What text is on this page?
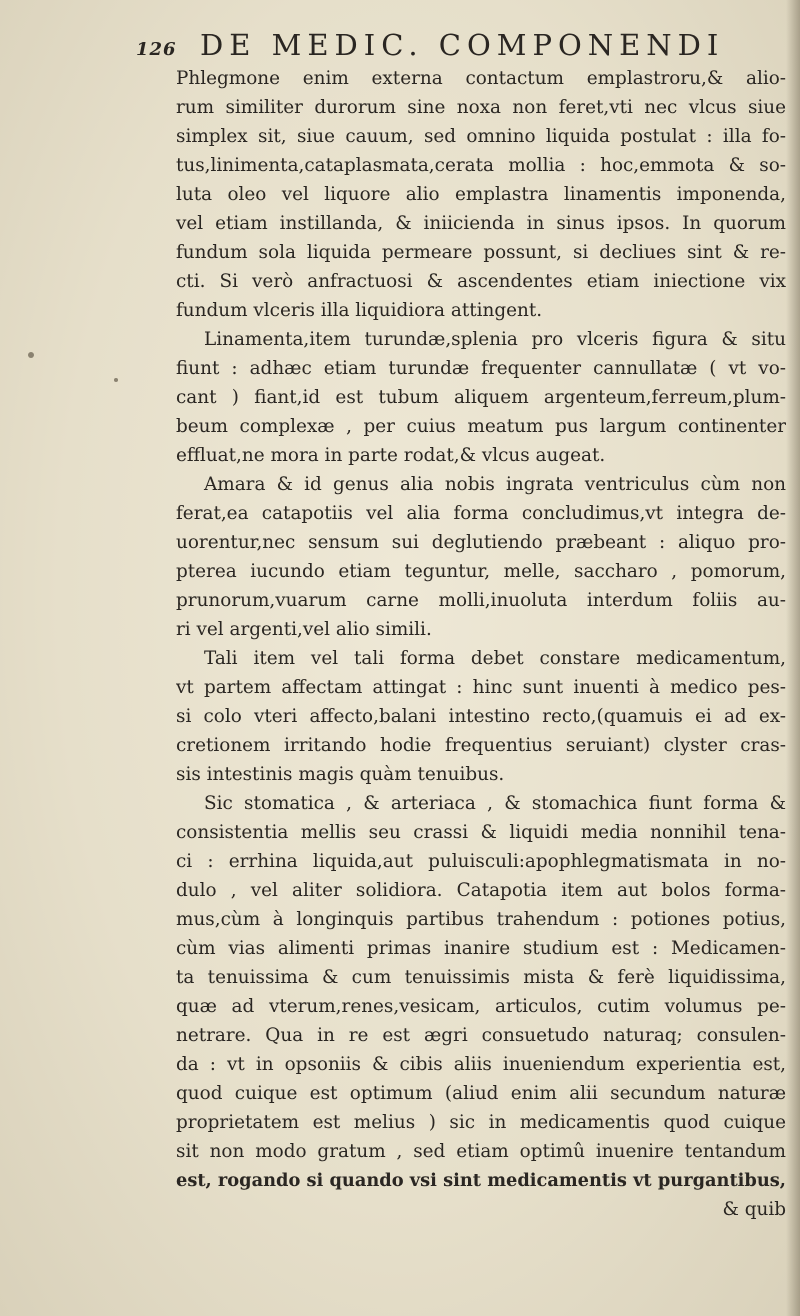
126 DE MEDIC. COMPONENDI
Phlegmone enim externa contactum emplastroru,& alio-
rum similiter durorum sine noxa non feret,vti nec vlcus siue
simplex sit, siue cauum, sed omnino liquida postulat : illa fo-
tus,linimenta,cataplasmata,cerata mollia : hoc,emmota & so-
luta oleo vel liquore alio emplastra linamentis imponenda,
vel etiam instillanda, & iniicienda in sinus ipsos. In quorum
fundum sola liquida permeare possunt, si decliues sint & re-
cti. Si verò anfractuosi & ascendentes etiam iniectione vix
fundum vlceris illa liquidiora attingent.
Linamenta,item turundæ,splenia pro vlceris figura & situ
fiunt : adhæc etiam turundæ frequenter cannullatæ ( vt vo-
cant ) fiant,id est tubum aliquem argenteum,ferreum,plum-
beum complexæ , per cuius meatum pus largum continenter
effluat,ne mora in parte rodat,& vlcus augeat.
Amara & id genus alia nobis ingrata ventriculus cùm non
ferat,ea catapotiis vel alia forma concludimus,vt integra de-
uorentur,nec sensum sui deglutiendo præbeant : aliquo pro-
pterea iucundo etiam teguntur, melle, saccharo , pomorum,
prunorum,vuarum carne molli,inuoluta interdum foliis au-
ri vel argenti,vel alio simili.
Tali item vel tali forma debet constare medicamentum,
vt partem affectam attingat : hinc sunt inuenti à medico pes-
si colo vteri affecto,balani intestino recto,(quamuis ei ad ex-
cretionem irritando hodie frequentius seruiant) clyster cras-
sis intestinis magis quàm tenuibus.
Sic stomatica , & arteriaca , & stomachica fiunt forma &
consistentia mellis seu crassi & liquidi media nonnihil tena-
ci : errhina liquida,aut puluisculi:apophlegmatismata in no-
dulo , vel aliter solidiora. Catapotia item aut bolos forma-
mus,cùm à longinquis partibus trahendum : potiones potius,
cùm vias alimenti primas inanire studium est : Medicamen-
ta tenuissima & cum tenuissimis mista & ferè liquidissima,
quæ ad vterum,renes,vesicam, articulos, cutim volumus pe-
netrare. Qua in re est ægri consuetudo naturaq; consulen-
da : vt in opsoniis & cibis aliis inueniendum experientia est,
quod cuique est optimum (aliud enim alii secundum naturæ
proprietatem est melius ) sic in medicamentis quod cuique
sit non modo gratum , sed etiam optimû inuenire tentandum
est, rogando si quando vsi sint medicamentis vt purgantibus,
& quib
